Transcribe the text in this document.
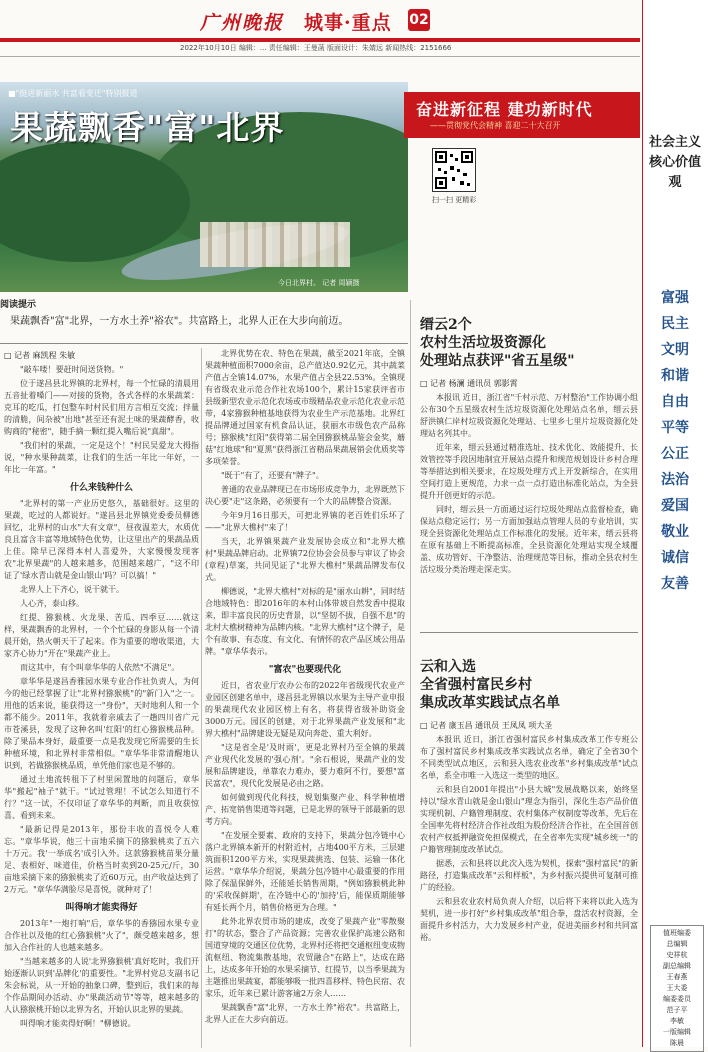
广州晚报 城事·重点 02
2022年10月10日 编辑：... 责任编辑：王曼菡 版面设计：朱婧远 新闻热线：2151666
■"挺进新丽水 共富看变迁"特别报道
果蔬飘香"富"北界
今日北界村。 记者 周颖摄
奋进新征程 建功新时代
——贯彻党代会精神 喜迎二十大召开
扫一扫 更精彩
阅读提示
果蔬飘香"富"北界，一方水土养"裕农"。共富路上，北界人正在大步向前迈。
□ 记者 麻凯程 朱敏

"敲车喽！要赶时间送货物。"

位于遂昌县北界镇的北界村，每一个忙碌的清晨用五音扯着嗓门——对接的货物，各式各样的水果蔬菜：克耳的吃瓜，打包整车时村民们用方言相互交流；拌量的清脆，间杂被"出地"甚至还有泥土味的果蔬酵香，收购商的"秘密"，随手摘一颗红提入嘴后说"真甜"。

"我们村的果蔬，一定是这个！"村民吴爱龙大拇指说，"种水果种蔬菜，让我们的生活一年比一年好，一年比一年富。"

什么来钱种什么

"北界村的第一产业历史悠久，基础很好。这里的果蔬，吃过的人都说好。"遂昌县北界镇党委委员柳德回忆，北界村的山水"大有文章"，昼夜温差大，水质优良且富含丰富等地域特色优势，让这里出产的果蔬品质上佳。除早已深得本村人喜爱外，大家慢慢发现客农"北界果蔬"的人越来越多，范围越来越广，"这不印证了'绿水青山就是金山银山'吗？可以搞！"

北界人上下齐心，说干就干。

人心齐，泰山移。

红提、猕猴桃、火龙果、苦瓜、四季豆……就这样，果蔬飘香的北界村，一个个忙碌的身影从每一个清晨开始，热火朝天干了起来。作为重要的增收渠道，大家齐心协力"开在"果蔬产业上。

而这其中，有个叫章华华的人依然"不满足"。

章华华是遂昌香雅园水果专业合作社负责人，为何今的他已经掌握了让"北界村猕猴桃"的"新门入"之一。用他的话来说，能获得这一"身份"，天时地利人和一个都不能少。2011年，我就着亲戚去了一趟四川省广元市苍溪县，发现了这种名叫'红阳'的红心猕猴桃品种。除了果品本身好，最重要一点是我发现它所需要的生长种植环境，和北界村非常相似。"章华华非常清醒地认识到，若做猕猴桃品质，单凭他们家也是不够的。

通过土地流转租下了村里闲置地的问题后，章华华"搬起"袖子"就干。"试过管理！不试怎么知道行不行？"这一试，不仅印证了章华华的判断，而且收获惊喜、看到未来。

"最新记得是2013年，那份丰收的喜悦令人难忘。"章华华说，他三十亩地采摘下的猕猴桃卖了五六十万元。我'一举成名'成引入外。这款猕猴桃苗果分量足、表相好、味道佳，价格当时卖到20-25元/斤，30亩地采摘下来的猕猴桃卖了近60万元，由产收益达到了2万元。"章华华满脸尽是喜悦，就种对了！

叫得响才能卖得好

2013年"一炮打响"后，章华华的香猕园水果专业合作社以及他的红心猕猴桃"火了"，颇受越来越多，想加入合作社的人也越来越多。

"当越来越多的人说'北界猕猴桃'真好吃时，我们开始逐渐认识到'品牌化'的重要性。"北界村党总支副书记朱会标说，从一开始的抽象口碑，整到后，我们来的每个作品期间办活动、办"果蔬活动节"等等，越来越多的人认猕猴桃开始以北界为名，开始认识北界的果蔬。

叫得响才能卖得好啊！"柳德说。

北界优势在农、特色在果蔬，截至2021年底，全镇果蔬种植面积7000余亩，总产值达0.92亿元，其中蔬菜产值占全镇14.07%，水果产值占全县22.53%。全镇现有省级农业示范合作社农场100个，累计15家获评省市县级新型农业示范化农场或市级精品农业示范化农业示范带，4家猕猴种植基地获得为农业生产示范基地。北界红提品牌通过国家有机食品认证，获丽水市级色农产品称号；猕猴桃"红阳"获得第二届全国猕猴桃品鉴会金奖，蘑菇"红地球"和"夏黑"获得浙江省精品果蔬展销会优质奖等多项荣誉。

"既于"有了，还要有"牌子"。

普通的农业品牌现已在市场形成竞争力，北界既然下决心要"走"这条路，必须要有一个大的品牌整合资源。

今年9月16日那天，可把北界镇的老百姓们乐坏了——"北界大樵村"来了！

当天，北界镇果蔬产业发展协会成立和"北界大樵村"果蔬品牌启动。北界镇72位协会会员参与审议了协会(章程)草案，共同见证了"北界大樵村"果蔬品牌发布仪式。

柳德说，"北界大樵村"对标的是"丽水山耕"，同时结合地域特色：即2016年的本村山体带坡自然发香中提取来，即丰富良民的历史背景，以"坚韧不拔，自强不息"的北村大樵树精神为品牌内核。"北界大樵村"这个牌子，是个有故事、有态度、有文化、有情怀的农产品区域公用品牌。"章华华表示。

"富农"也要现代化

近日，省农业厅农办公布的2022年省级现代农业产业园区创建名单中，遂昌县北界镇以水果为主导产业申报的果蔬现代农业园区榜上有名，将获得省级补助资金3000万元。园区的创建，对于北界果蔬产业发展和"北界大樵村"品牌建设无疑是双向奔赴、重大利好。

"这是省全是'及时雨'，更是北界村乃至全镇的果蔬产业现代化发展的'强心剂'。"余石根说，果蔬产业的发展和品牌建设，单靠农力难办，要力难阿不行，要想"富民富农"，现代化发展是必由之路。

如何做到现代化科技，规划集聚产业、科学种植增产、拓宽销售渠道等问题，已是北界的领导干部最新的思考方向。

"在发展全要素、政府的支持下，果蔬分包冷链中心落户北界镇本新开的村附近村，占地400平方米，三层建筑面积1200平方米，实现果蔬挑选、包装、运输一体化运营。"章华华介绍说，果蔬分包冷链中心最重要的作用除了保温保鲜外，还能延长销售周期，"例如猕猴桃此种的'采收保鲜期'，在冷链中心的'加持'后，能保质期能够有延长两个月，销售价格更为合理。"

此外北界农贸市场的建成，改变了果蔬产业"零散聚打"的状态，整合了产品资源；完善农业保护高速公路和国道穿境的交通区位优势，北界村还将把交通枢纽变成物流枢纽、物流集散基地，农贸融合"在路上"，达成在路上，达成多年开始的水果采摘节、红提节，以当季果蔬为主题推出果蔬宴，都能够吸一批四喜移样、特色民宿、农家乐，近年来已累计游客逾2万余人……

果蔬飘香"富"北界，一方水土养"裕农"。共富路上，北界人正在大步向前迈。

缙云2个
农村生活垃圾资源化
处理站点获评"省五星级"
□ 记者 杨澜 通讯员 郭影霄

本报讯 近日，浙江省"千村示范、万村整治"工作协调小组公布30个五星级农村生活垃圾资源化处理站点名单，缙云县舒洪镇仁岸村垃圾资源化处理站、七里乡七里片垃圾资源化处理站名列其中。

近年来，缙云县通过精准选址、技术优化、效能提升、长效管控等手段因地制宜开展站点提升和规范规划设计乡村合理等举措达到相关要求，在垃圾处理方式上开发新综合，在实用空间打造上更规范，力求一点一点打造出标准化站点，为全县提升开创更好的示范。

同时，缙云县一方面通过运行垃圾处理站点监督检查，确保站点稳定运行；另一方面加强站点管理人员的专业培训，实现全县资源化处理站点工作标准化的发展。近年来，缙云县将在原有基础上不断提高标准，全县资源化处理站实现全域覆盖、成功管好、干净整洁、治理规范等目标，推动全县农村生活垃圾分类治理走深走实。

云和入选
全省强村富民乡村
集成改革实践试点名单
□ 记者 康玉昌 通讯员 王凤凤 项大圣

本报讯 近日，浙江省强村富民乡村集成改革工作专班公布了强村富民乡村集成改革实践试点名单，确定了全省30个不同类型试点地区，云和县入选农业改革"乡村集成改革"试点名单，系全市唯一入选这一类型的地区。

云和县自2001年提出"小县大城"发展战略以来，始终坚持以"绿水青山就是金山银山"理念为指引，深化生态产品价值实现机制、户籍管理制度、农村集体产权制度等改革，先后在全国率先将村经济合作社改组为股份经济合作社，在全国首创农村产权抵押融资免担保模式，在全省率先实现"城乡统一"的户籍管理制度改革试点。

据悉，云和县将以此次入选为契机，探索"强村富民"的新路径，打造集成改革"云和样板"，为乡村振兴提供可复制可推广的经验。

云和县农业农村局负责人介绍，以后将下来将以此入选为契机，进一步打好"乡村集成改革"组合拳，盘活农村资源，全面提升乡村活力，大力发展乡村产业，促进美丽乡村和共同富裕。

社会主义核心价值观
富强
民主
文明
和谐
自由
平等
公正
法治
爱国
敬业
诚信
友善
值班编委
总编辑
史祥杭
副总编辑
王春燕
王大委
编委委员
范子平
李敏
一版编辑
陈晨
